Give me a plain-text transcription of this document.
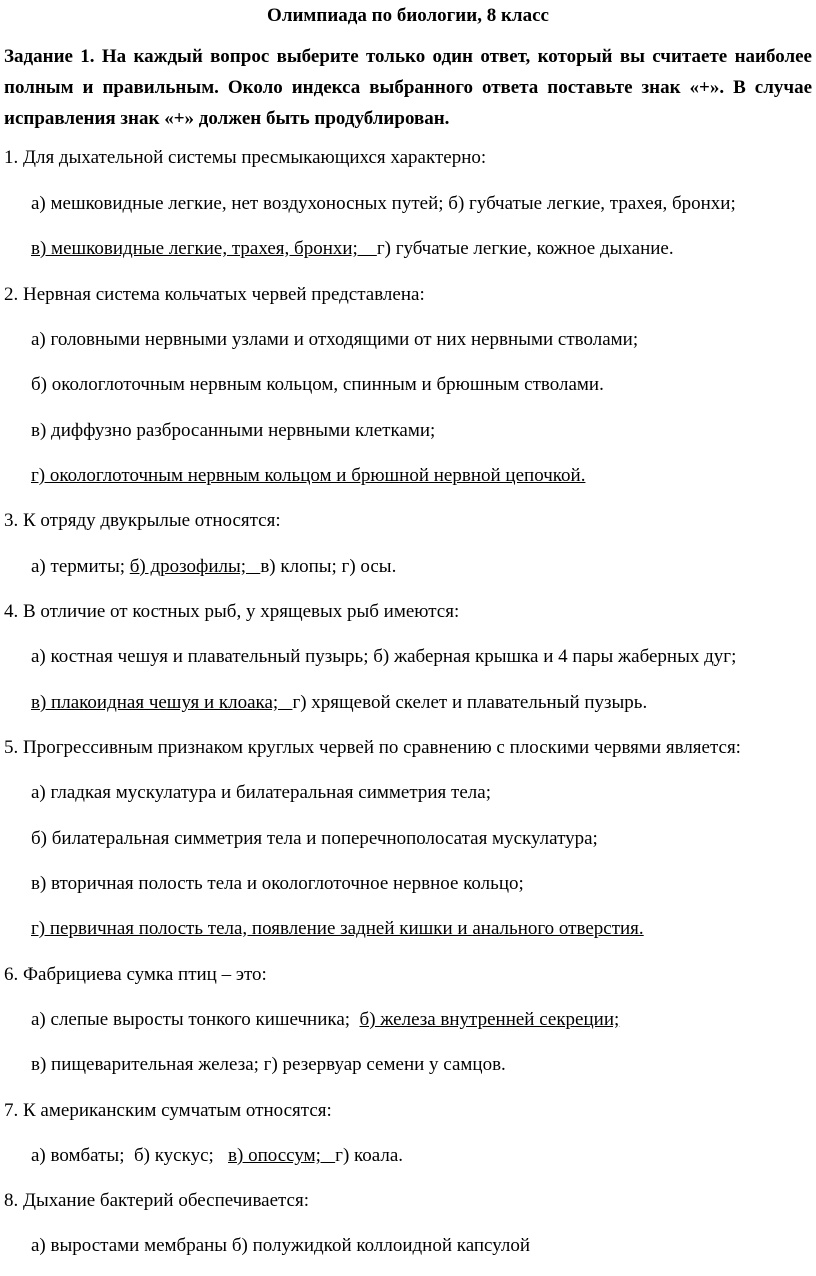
Олимпиада по биологии, 8 класс
Задание 1. На каждый вопрос выберите только один ответ, который вы считаете наиболее полным и правильным. Около индекса выбранного ответа поставьте знак «+». В случае исправления знак «+» должен быть продублирован.
1. Для дыхательной системы пресмыкающихся характерно:
а) мешковидные легкие, нет воздухоносных путей; б) губчатые легкие, трахея, бронхи;
в) мешковидные легкие, трахея, бронхи;    г) губчатые легкие, кожное дыхание.
2. Нервная система кольчатых червей представлена:
а) головными нервными узлами и отходящими от них нервными стволами;
б) окологлоточным нервным кольцом, спинным и брюшным стволами.
в) диффузно разбросанными нервными клетками;
г) окологлоточным нервным кольцом и брюшной нервной цепочкой.
3. К отряду двукрылые относятся:
а) термиты; б) дрозофилы;   в) клопы; г) осы.
4. В отличие от костных рыб, у хрящевых рыб имеются:
а) костная чешуя и плавательный пузырь; б) жаберная крышка и 4 пары жаберных дуг;
в) плакоидная чешуя и клоака;   г) хрящевой скелет и плавательный пузырь.
5. Прогрессивным признаком круглых червей по сравнению с плоскими червями является:
а) гладкая мускулатура и билатеральная симметрия тела;
б) билатеральная симметрия тела и поперечнополосатая мускулатура;
в) вторичная полость тела и окологлоточное нервное кольцо;
г) первичная полость тела, появление задней кишки и анального отверстия.
6. Фабрициева сумка птиц – это:
а) слепые выросты тонкого кишечника;  б) железа внутренней секреции;
в) пищеварительная железа; г) резервуар семени у самцов.
7. К американским сумчатым относятся:
а) вомбаты;  б) кускус;   в) опоссум;   г) коала.
8. Дыхание бактерий обеспечивается:
а) выростами мембраны б) полужидкой коллоидной капсулой
